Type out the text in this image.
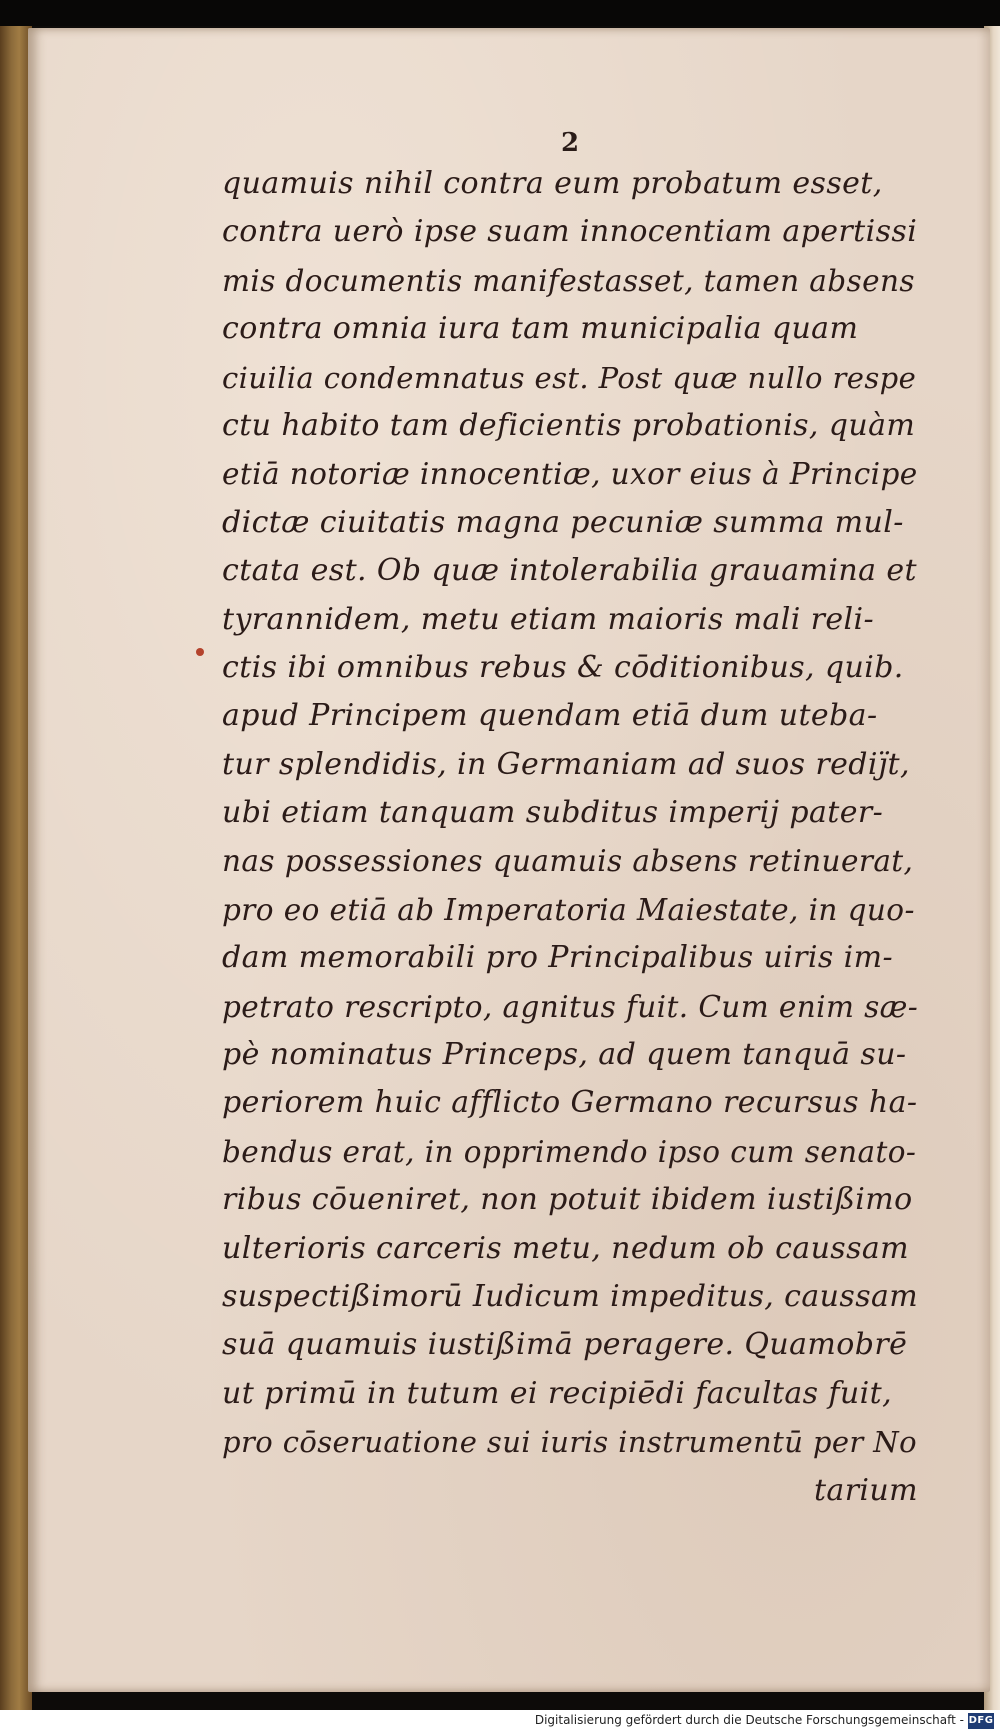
2
quamuis nihil contra eum probatum esset,
contra uerò ipse suam innocentiam apertissi
mis documentis manifestasset, tamen absens
contra omnia iura tam municipalia quam
ciuilia condemnatus est. Post quæ nullo respe
ctu habito tam deficientis probationis, quàm
etiā notoriæ innocentiæ, uxor eius à Principe
dictæ ciuitatis magna pecuniæ summa mul-
ctata est. Ob quæ intolerabilia grauamina et
tyrannidem, metu etiam maioris mali reli-
ctis ibi omnibus rebus & cōditionibus, quib.
apud Principem quendam etiā dum uteba-
tur splendidis, in Germaniam ad suos rediȷ̈t,
ubi etiam tanquam subditus imperij pater-
nas possessiones quamuis absens retinuerat,
pro eo etiā ab Imperatoria Maiestate, in quo-
dam memorabili pro Principalibus uiris im-
petrato rescripto, agnitus fuit. Cum enim sæ-
pè nominatus Princeps, ad quem tanquā su-
periorem huic afflicto Germano recursus ha-
bendus erat, in opprimendo ipso cum senato-
ribus cōueniret, non potuit ibidem iustißimo
ulterioris carceris metu, nedum ob caussam
suspectißimorū Iudicum impeditus, caussam
suā quamuis iustißimā peragere. Quamobrē
ut primū in tutum ei recipiēdi facultas fuit,
pro cōseruatione sui iuris instrumentū per No
tarium
Digitalisierung gefördert durch die Deutsche Forschungsgemeinschaft - DFG
